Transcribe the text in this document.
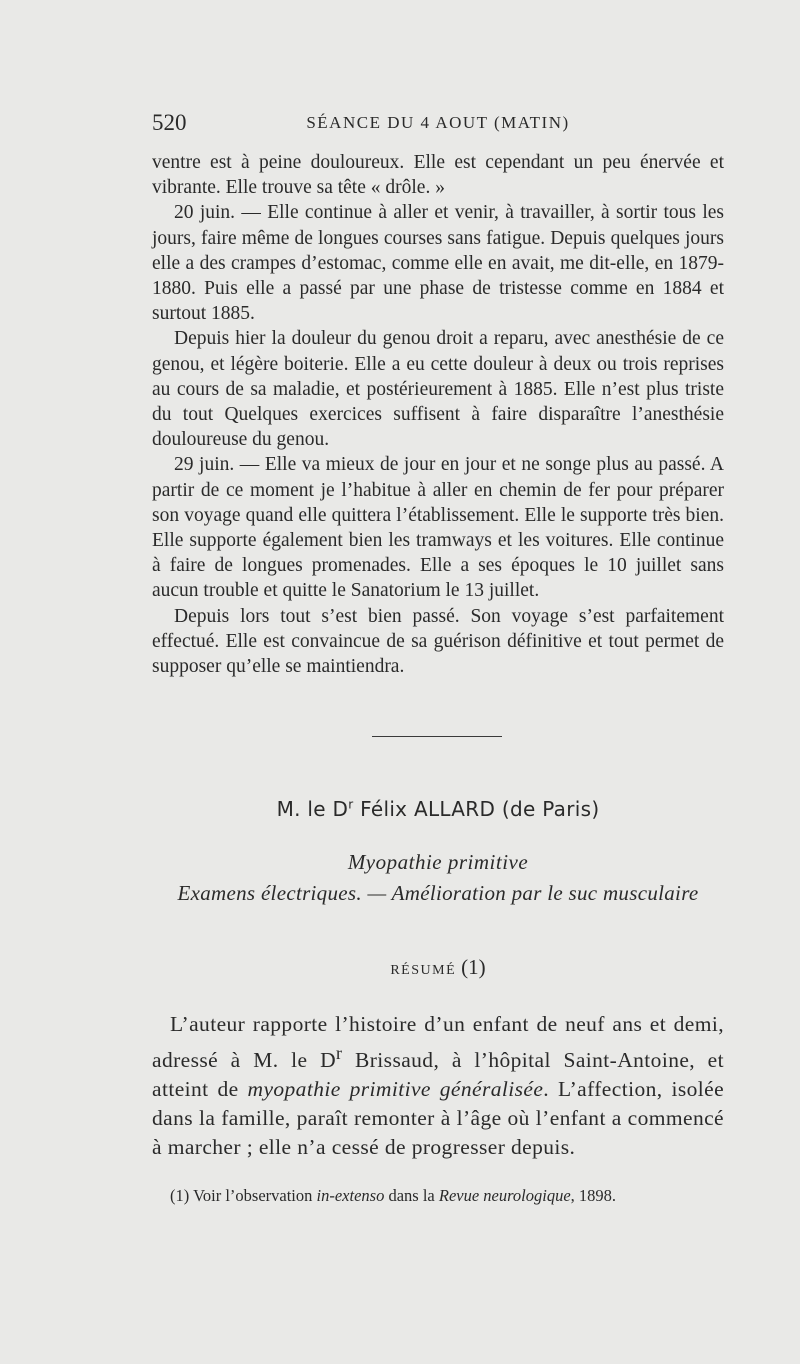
520	SÉANCE DU 4 AOUT (MATIN)

ventre est à peine douloureux. Elle est cependant un peu énervée et vibrante. Elle trouve sa tête « drôle. »

20 juin. — Elle continue à aller et venir, à travailler, à sortir tous les jours, faire même de longues courses sans fatigue. Depuis quelques jours elle a des crampes d’estomac, comme elle en avait, me dit-elle, en 1879-1880. Puis elle a passé par une phase de tristesse comme en 1884 et surtout 1885.

Depuis hier la douleur du genou droit a reparu, avec anesthésie de ce genou, et légère boiterie. Elle a eu cette douleur à deux ou trois reprises au cours de sa maladie, et postérieurement à 1885. Elle n’est plus triste du tout Quelques exercices suffisent à faire disparaître l’anesthésie douloureuse du genou.

29 juin. — Elle va mieux de jour en jour et ne songe plus au passé. A partir de ce moment je l’habitue à aller en chemin de fer pour préparer son voyage quand elle quittera l’établissement. Elle le supporte très bien. Elle supporte également bien les tramways et les voitures. Elle continue à faire de longues promenades. Elle a ses époques le 10 juillet sans aucun trouble et quitte le Sanatorium le 13 juillet.

Depuis lors tout s’est bien passé. Son voyage s’est parfaitement effectué. Elle est convaincue de sa guérison définitive et tout permet de supposer qu’elle se maintiendra.

M. le $D^r$ Félix ALLARD (de Paris)
Myopathie primitive
Examens électriques. — Amélioration par le suc musculaire
RÉSUMÉ (1)

L’auteur rapporte l’histoire d’un enfant de neuf ans et demi, adressé à M. le $D^r$ Brissaud, à l’hôpital Saint-Antoine, et atteint de myopathie primitive généralisée. L’affection, isolée dans la famille, paraît remonter à l’âge où l’enfant a commencé à marcher ; elle n’a cessé de progresser depuis.

(1) Voir l’observation in-extenso dans la Revue neurologique, 1898.
